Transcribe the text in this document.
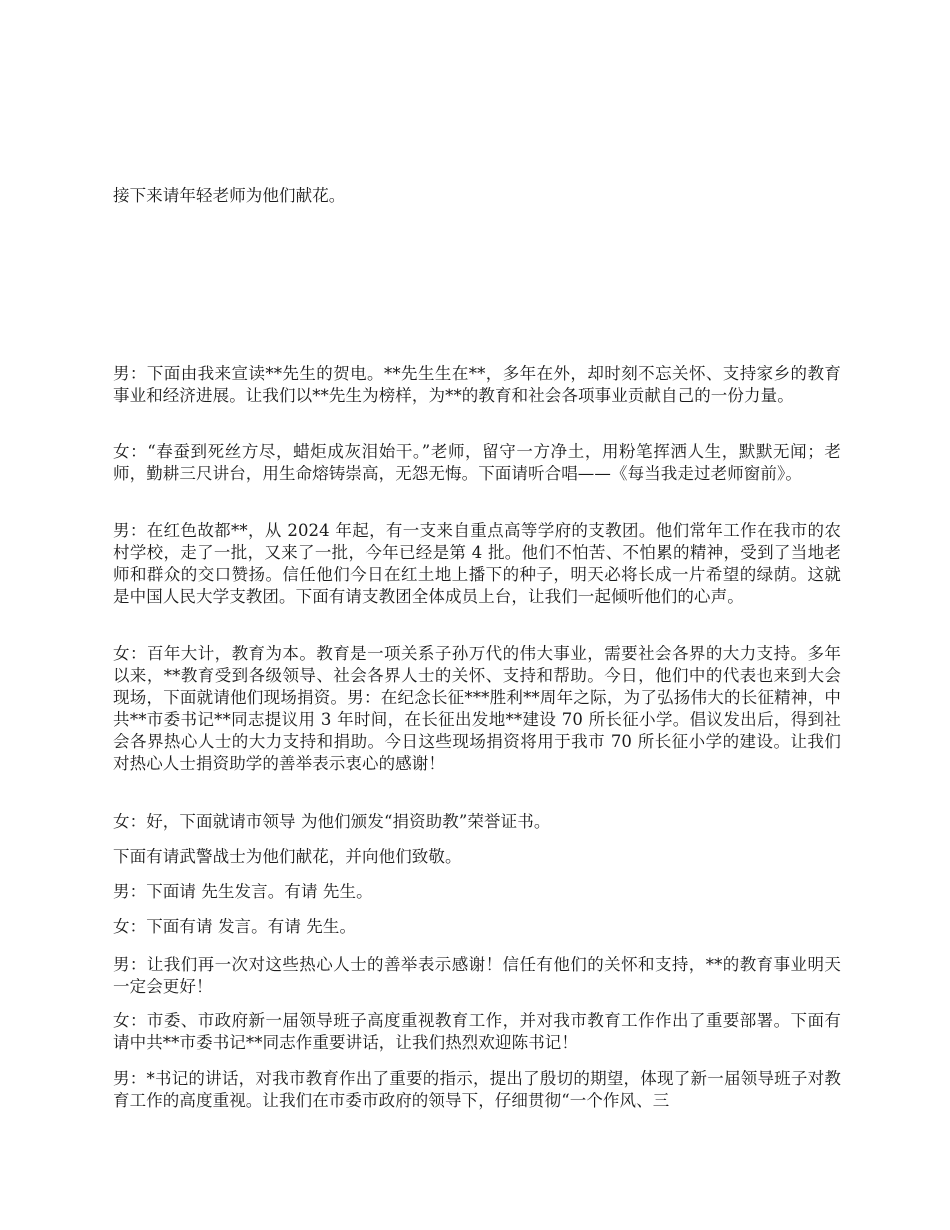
接下来请年轻老师为他们献花。

男：下面由我来宣读**先生的贺电。**先生生在**，多年在外，却时刻不忘关怀、支持家乡的教育事业和经济进展。让我们以**先生为榜样，为**的教育和社会各项事业贡献自己的一份力量。

女：“春蚕到死丝方尽，蜡炬成灰泪始干。”老师，留守一方净土，用粉笔挥洒人生，默默无闻；老师，勤耕三尺讲台，用生命熔铸崇高，无怨无悔。下面请听合唱——《每当我走过老师窗前》。

男：在红色故都**，从 2024 年起，有一支来自重点高等学府的支教团。他们常年工作在我市的农村学校，走了一批，又来了一批，今年已经是第 4 批。他们不怕苦、不怕累的精神，受到了当地老师和群众的交口赞扬。信任他们今日在红土地上播下的种子，明天必将长成一片希望的绿荫。这就是中国人民大学支教团。下面有请支教团全体成员上台，让我们一起倾听他们的心声。

女：百年大计，教育为本。教育是一项关系子孙万代的伟大事业，需要社会各界的大力支持。多年以来，**教育受到各级领导、社会各界人士的关怀、支持和帮助。今日，他们中的代表也来到大会现场，下面就请他们现场捐资。男：在纪念长征***胜利**周年之际，为了弘扬伟大的长征精神，中共**市委书记**同志提议用 3 年时间，在长征出发地**建设 70 所长征小学。倡议发出后，得到社会各界热心人士的大力支持和捐助。今日这些现场捐资将用于我市 70 所长征小学的建设。让我们对热心人士捐资助学的善举表示衷心的感谢！

女：好，下面就请市领导 为他们颁发“捐资助教”荣誉证书。

下面有请武警战士为他们献花，并向他们致敬。

男：下面请 先生发言。有请 先生。

女：下面有请 发言。有请 先生。

男：让我们再一次对这些热心人士的善举表示感谢！信任有他们的关怀和支持，**的教育事业明天一定会更好！

女：市委、市政府新一届领导班子高度重视教育工作，并对我市教育工作作出了重要部署。下面有请中共**市委书记**同志作重要讲话，让我们热烈欢迎陈书记！

男：*书记的讲话，对我市教育作出了重要的指示，提出了殷切的期望，体现了新一届领导班子对教育工作的高度重视。让我们在市委市政府的领导下，仔细贯彻“一个作风、三
